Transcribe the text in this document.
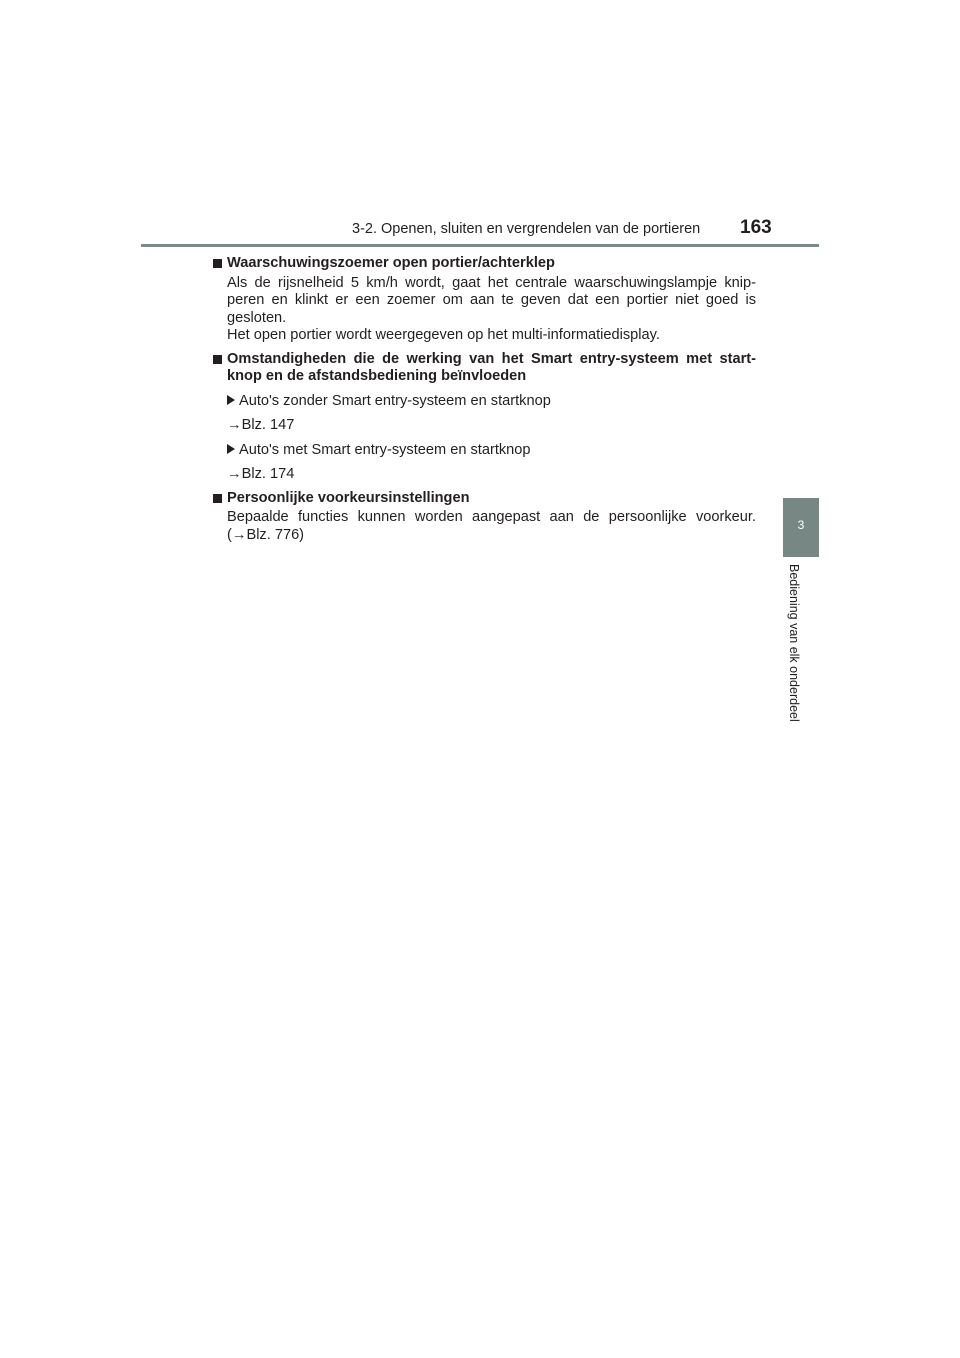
3-2. Openen, sluiten en vergrendelen van de portieren 163
3
Bediening van elk onderdeel
Waarschuwingszoemer open portier/achterklep

Als de rijsnelheid 5 km/h wordt, gaat het centrale waarschuwingslampje knip-peren en klinkt er een zoemer om aan te geven dat een portier niet goed is gesloten.

Het open portier wordt weergegeven op het multi-informatiedisplay.

Omstandigheden die de werking van het Smart entry-systeem met start-knop en de afstandsbediening beïnvloeden
Auto's zonder Smart entry-systeem en startknop
→Blz. 147
Auto's met Smart entry-systeem en startknop
→Blz. 174
Persoonlijke voorkeursinstellingen

Bepaalde functies kunnen worden aangepast aan de persoonlijke voorkeur. (→Blz. 776)
